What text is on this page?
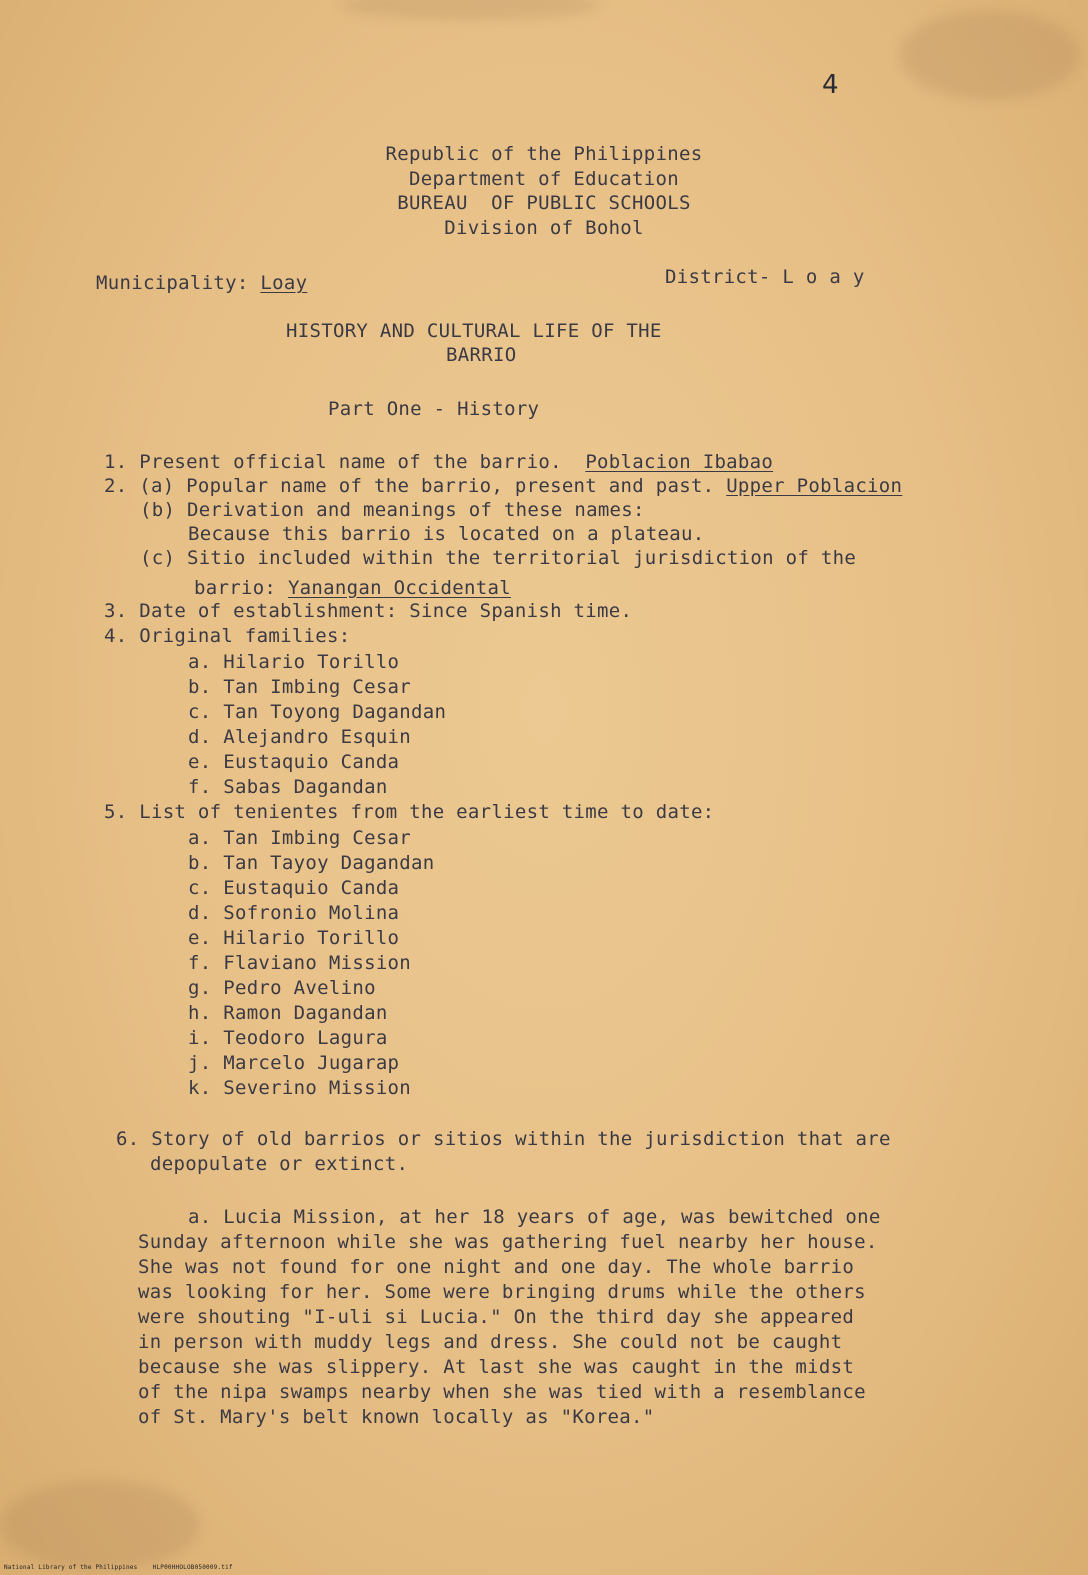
4
Republic of the Philippines
Department of Education
BUREAU  OF PUBLIC SCHOOLS
Division of Bohol
Municipality: Loay	District- L o a y
HISTORY AND CULTURAL LIFE OF THE
BARRIO
Part One - History
1. Present official name of the barrio. Poblacion Ibabao
2. (a) Popular name of the barrio, present and past. Upper Poblacion
(b) Derivation and meanings of these names:
Because this barrio is located on a plateau.
(c) Sitio included within the territorial jurisdiction of the
barrio: Yanangan Occidental
3. Date of establishment: Since Spanish time.
4. Original families:
a. Hilario Torillo
b. Tan Imbing Cesar
c. Tan Toyong Dagandan
d. Alejandro Esquin
e. Eustaquio Canda
f. Sabas Dagandan
5. List of tenientes from the earliest time to date:
a. Tan Imbing Cesar
b. Tan Tayoy Dagandan
c. Eustaquio Canda
d. Sofronio Molina
e. Hilario Torillo
f. Flaviano Mission
g. Pedro Avelino
h. Ramon Dagandan
i. Teodoro Lagura
j. Marcelo Jugarap
k. Severino Mission
6. Story of old barrios or sitios within the jurisdiction that are
depopulate or extinct.
a. Lucia Mission, at her 18 years of age, was bewitched one
Sunday afternoon while she was gathering fuel nearby her house.
She was not found for one night and one day. The whole barrio
was looking for her. Some were bringing drums while the others
were shouting "I-uli si Lucia." On the third day she appeared
in person with muddy legs and dress. She could not be caught
because she was slippery. At last she was caught in the midst
of the nipa swamps nearby when she was tied with a resemblance
of St. Mary's belt known locally as "Korea."
National Library of the Philippines    HLP00HHOLOB050009.tif
